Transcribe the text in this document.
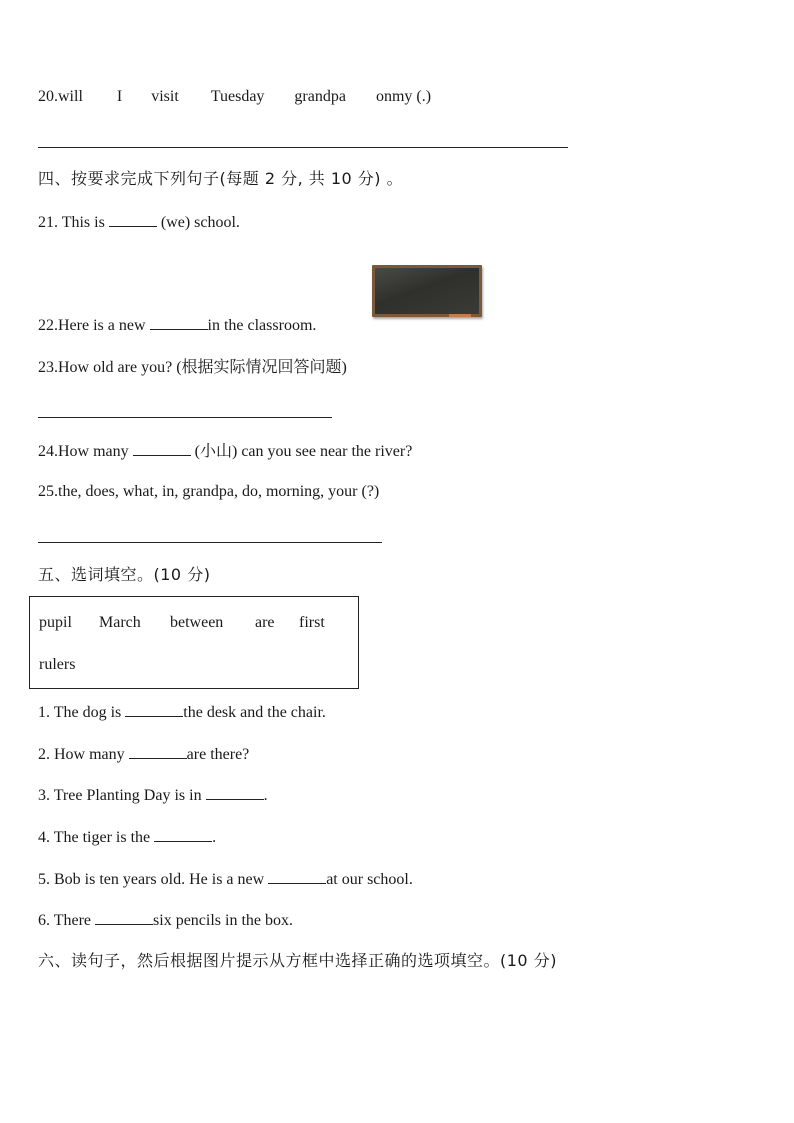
20.will I visit Tuesday grandpa onmy (.)
四、按要求完成下列句子(每题 2 分, 共 10 分) 。
21. This is	(we) school.
22.Here is a new	in the classroom.
23.How old are you? (根据实际情况回答问题)
24.How many	(小山) can you see near the river?
25.the, does, what, in, grandpa, do, morning, your (?)
五、选词填空。(10 分)
pupil March between are first
rulers
1. The dog is	the desk and the chair.
2. How many	are there?
3. Tree Planting Day is in	.
4. The tiger is the	.
5. Bob is ten years old. He is a new	at our school.
6. There	six pencils in the box.
六、读句子，然后根据图片提示从方框中选择正确的选项填空。(10 分)
